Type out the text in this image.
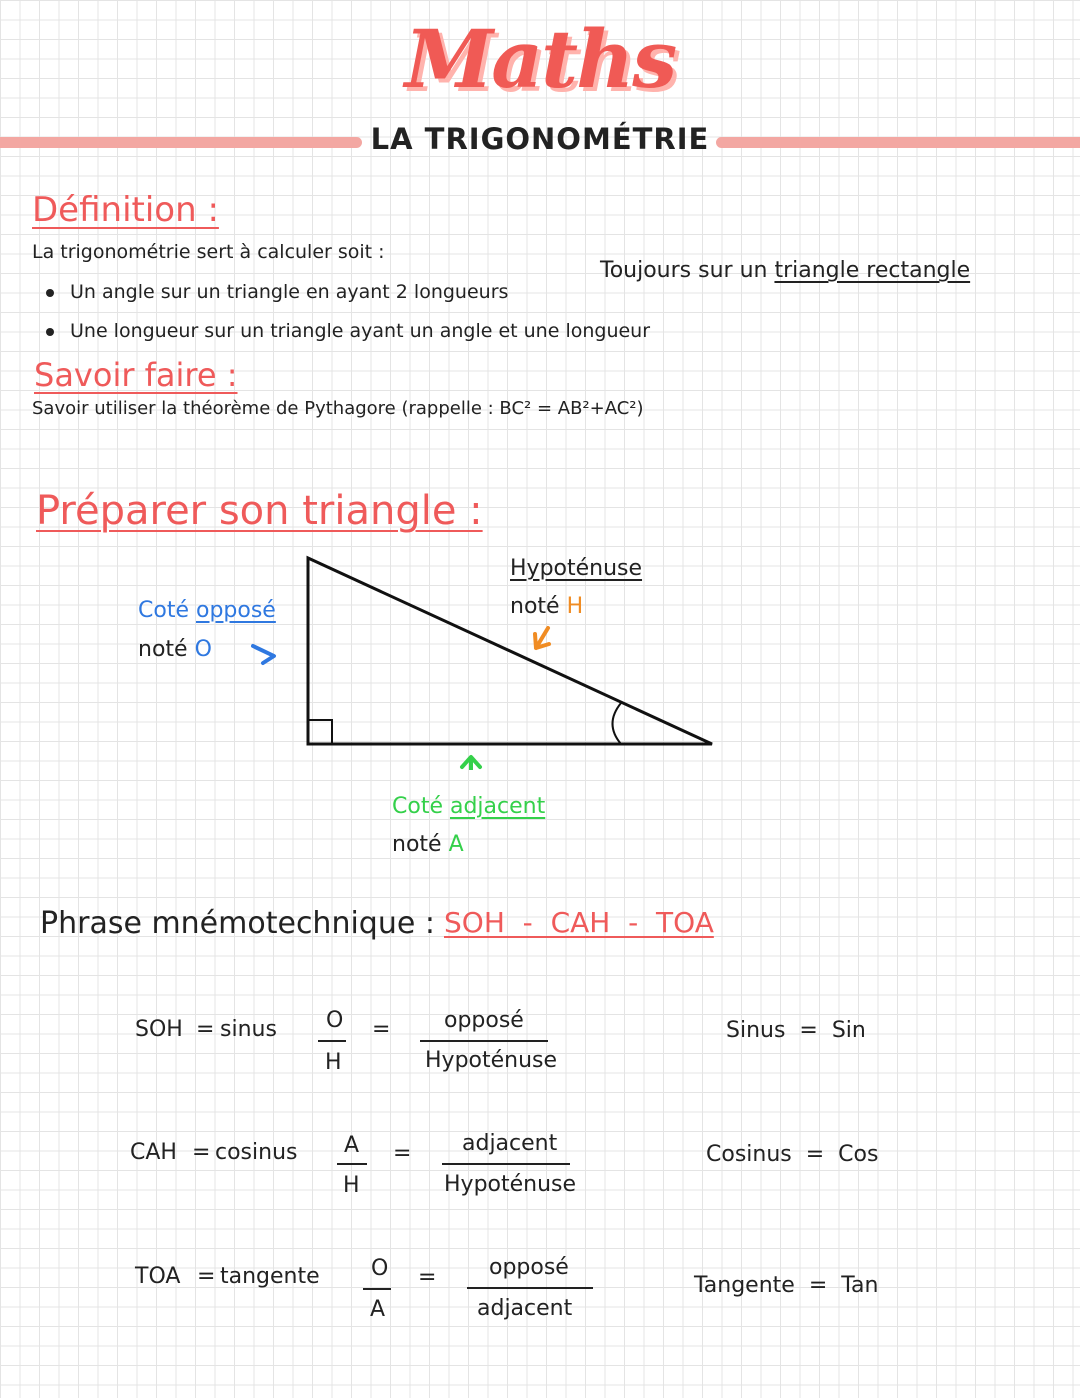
Maths
LA TRIGONOMÉTRIE
Définition :
La trigonométrie sert à calculer soit :
Un angle sur un triangle en ayant 2 longueurs
Une longueur sur un triangle ayant un angle et une longueur
Toujours sur un triangle rectangle
Savoir faire :
Savoir utiliser la théorème de Pythagore (rappelle : BC² = AB²+AC²)
Préparer son triangle :
Coté opposé
noté O
Hypoténuse
noté H
Coté adjacent
noté A
Phrase mnémotechnique : SOH  -  CAH  -  TOA
SOH = sinus O
H
= opposé
Hypoténuse
Sinus  =  Sin
CAH = cosinus A
H
= adjacent
Hypoténuse
Cosinus  =  Cos
TOA = tangente O
A
= opposé
adjacent
Tangente  =  Tan
